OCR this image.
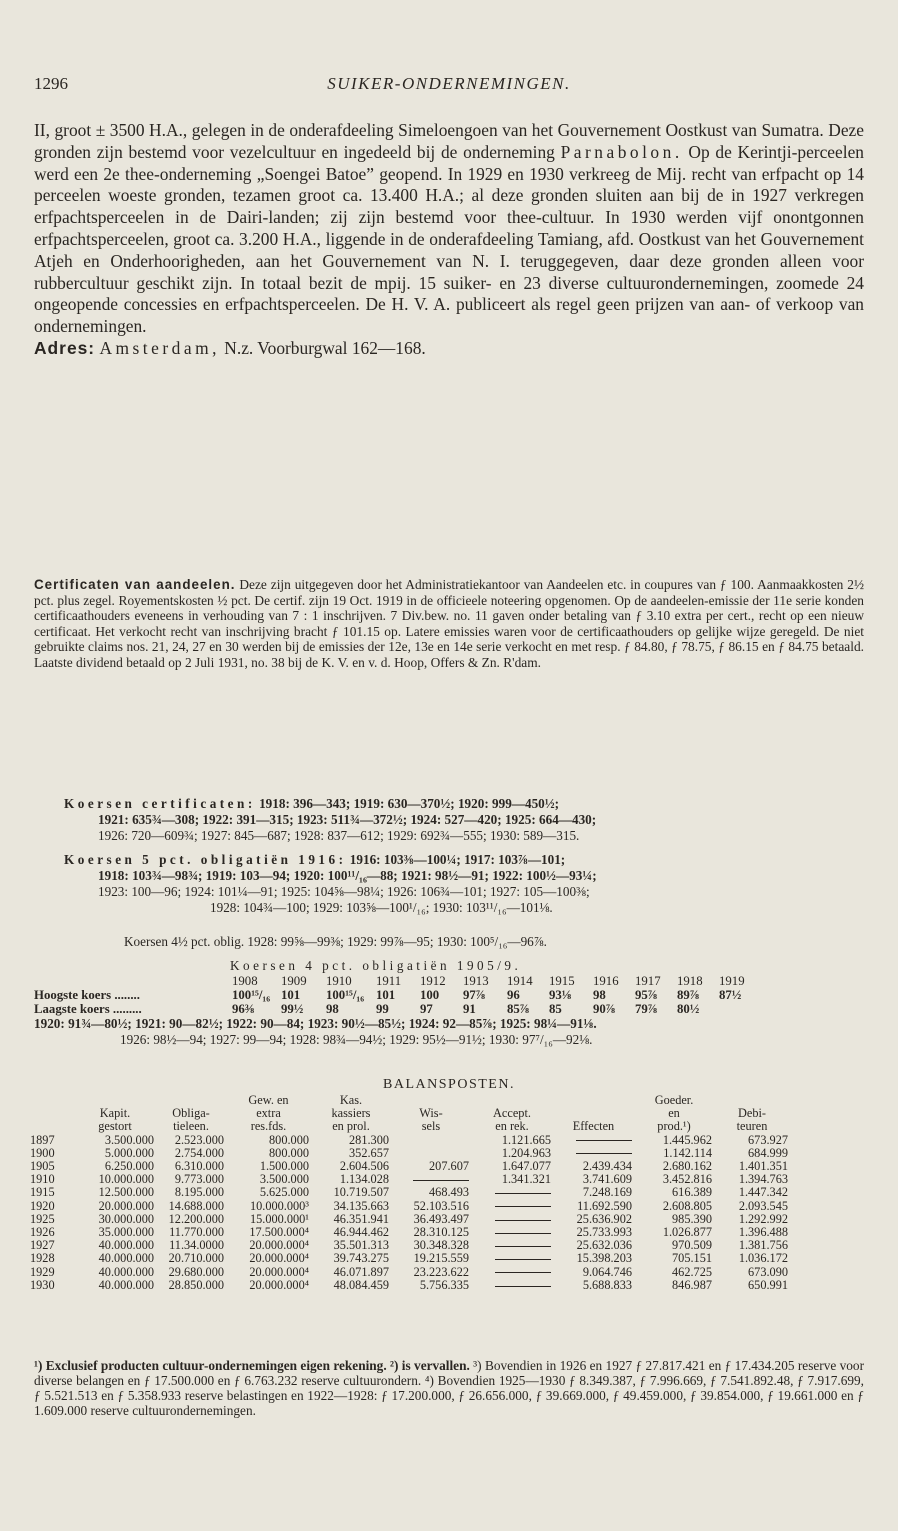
1296	SUIKER-ONDERNEMINGEN.

II, groot ± 3500 H.A., gelegen in de onderafdeeling Simeloengoen van het Gouvernement Oostkust van Sumatra. Deze gronden zijn bestemd voor vezelcultuur en ingedeeld bij de onderneming Parnabolon. Op de Kerintji-perceelen werd een 2e thee-onderneming „Soengei Batoe” geopend. In 1929 en 1930 verkreeg de Mij. recht van erfpacht op 14 perceelen woeste gronden, tezamen groot ca. 13.400 H.A.; al deze gronden sluiten aan bij de in 1927 verkregen erfpachtsperceelen in de Dairi-landen; zij zijn bestemd voor thee-cultuur. In 1930 werden vijf onontgonnen erfpachtsperceelen, groot ca. 3.200 H.A., liggende in de onderafdeeling Tamiang, afd. Oostkust van het Gouvernement Atjeh en Onderhoorigheden, aan het Gouvernement van N. I. teruggegeven, daar deze gronden alleen voor rubbercultuur geschikt zijn. In totaal bezit de mpij. 15 suiker- en 23 diverse cultuurondernemingen, zoomede 24 ongeopende concessies en erfpachtsperceelen. De H. V. A. publiceert als regel geen prijzen van aan- of verkoop van ondernemingen.

Adres: Amsterdam, N.z. Voorburgwal 162—168.

Certificaten van aandeelen. Deze zijn uitgegeven door het Administratiekantoor van Aandeelen etc. in coupures van ƒ 100. Aanmaakkosten 2½ pct. plus zegel. Royementskosten ½ pct. De certif. zijn 19 Oct. 1919 in de officieele noteering opgenomen. Op de aandeelen-emissie der 11e serie konden certificaathouders eveneens in verhouding van 7 : 1 inschrijven. 7 Div.bew. no. 11 gaven onder betaling van ƒ 3.10 extra per cert., recht op een nieuw certificaat. Het verkocht recht van inschrijving bracht ƒ 101.15 op. Latere emissies waren voor de certificaathouders op gelijke wijze geregeld. De niet gebruikte claims nos. 21, 24, 27 en 30 werden bij de emissies der 12e, 13e en 14e serie verkocht en met resp. ƒ 84.80, ƒ 78.75, ƒ 86.15 en ƒ 84.75 betaald. Laatste dividend betaald op 2 Juli 1931, no. 38 bij de K. V. en v. d. Hoop, Offers & Zn. R'dam.
Koersen certificaten: 1918: 396—343; 1919: 630—370½; 1920: 999—450½;
1921: 635¾—308; 1922: 391—315; 1923: 511¾—372½; 1924: 527—420; 1925: 664—430;
1926: 720—609¾; 1927: 845—687; 1928: 837—612; 1929: 692¾—555; 1930: 589—315.
Koersen 5 pct. obligatiën 1916: 1916: 103⅜—100¼; 1917: 103⅞—101;
1918: 103¾—98¾; 1919: 103—94; 1920: 100¹¹/₁₆—88; 1921: 98½—91; 1922: 100½—93¼;
1923: 100—96; 1924: 101¼—91; 1925: 104⅝—98¼; 1926: 106¾—101; 1927: 105—100⅜;
1928: 104¾—100; 1929: 103⅝—100¹/₁₆; 1930: 103¹¹/₁₆—101⅛.
Koersen 4½ pct. oblig. 1928: 99⅝—99⅜; 1929: 99⅞—95; 1930: 100⁵/₁₆—96⅞.
Koersen 4 pct. obligatiën 1905/9.
	1908	1909	1910	1911	1912	1913	1914	1915	1916	1917	1918	1919
Hoogste koers ........	100¹⁵/₁₆	101	100¹⁵/₁₆	101	100	97⅞	96	93⅛	98	95⅞	89⅞	87½
Laagste koers .........	96⅜	99½	98	99	97	91	85⅞	85	90⅞	79⅞	80½	
1920: 91¾—80½; 1921: 90—82½; 1922: 90—84; 1923: 90½—85½; 1924: 92—85⅞; 1925: 98¼—91⅛.
1926: 98½—94; 1927: 99—94; 1928: 98¾—94½; 1929: 95½—91½; 1930: 97⁷/₁₆—92⅛.
BALANSPOSTEN.
			Gew. en	Kas.				Goeder.	
	Kapit.	Obliga-	extra	kassiers	Wis-	Accept.		en	Debi-
	gestort	tieleen.	res.fds.	en prol.	sels	en rek.	Effecten	prod.¹)	teuren
1897	3.500.000	2.523.000	800.000	281.300		1.121.665		1.445.962	673.927
1900	5.000.000	2.754.000	800.000	352.657		1.204.963		1.142.114	684.999
1905	6.250.000	6.310.000	1.500.000	2.604.506	207.607	1.647.077	2.439.434	2.680.162	1.401.351
1910	10.000.000	9.773.000	3.500.000	1.134.028		1.341.321	3.741.609	3.452.816	1.394.763
1915	12.500.000	8.195.000	5.625.000	10.719.507	468.493		7.248.169	616.389	1.447.342
1920	20.000.000	14.688.000	10.000.000³	34.135.663	52.103.516		11.692.590	2.608.805	2.093.545
1925	30.000.000	12.200.000	15.000.000¹	46.351.941	36.493.497		25.636.902	985.390	1.292.992
1926	35.000.000	11.770.000	17.500.000⁴	46.944.462	28.310.125		25.733.993	1.026.877	1.396.488
1927	40.000.000	11.34.0000	20.000.000⁴	35.501.313	30.348.328		25.632.036	970.509	1.381.756
1928	40.000.000	20.710.000	20.000.000⁴	39.743.275	19.215.559		15.398.203	705.151	1.036.172
1929	40.000.000	29.680.000	20.000.000⁴	46.071.897	23.223.622		9.064.746	462.725	673.090
1930	40.000.000	28.850.000	20.000.000⁴	48.084.459	5.756.335		5.688.833	846.987	650.991
¹) Exclusief producten cultuur-ondernemingen eigen rekening. ²) is vervallen. ³) Bovendien in 1926 en 1927 ƒ 27.817.421 en ƒ 17.434.205 reserve voor diverse belangen en ƒ 17.500.000 en ƒ 6.763.232 reserve cultuurondern. ⁴) Bovendien 1925—1930 ƒ 8.349.387, ƒ 7.996.669, ƒ 7.541.892.48, ƒ 7.917.699, ƒ 5.521.513 en ƒ 5.358.933 reserve belastingen en 1922—1928: ƒ 17.200.000, ƒ 26.656.000, ƒ 39.669.000, ƒ 49.459.000, ƒ 39.854.000, ƒ 19.661.000 en ƒ 1.609.000 reserve cultuurondernemingen.
